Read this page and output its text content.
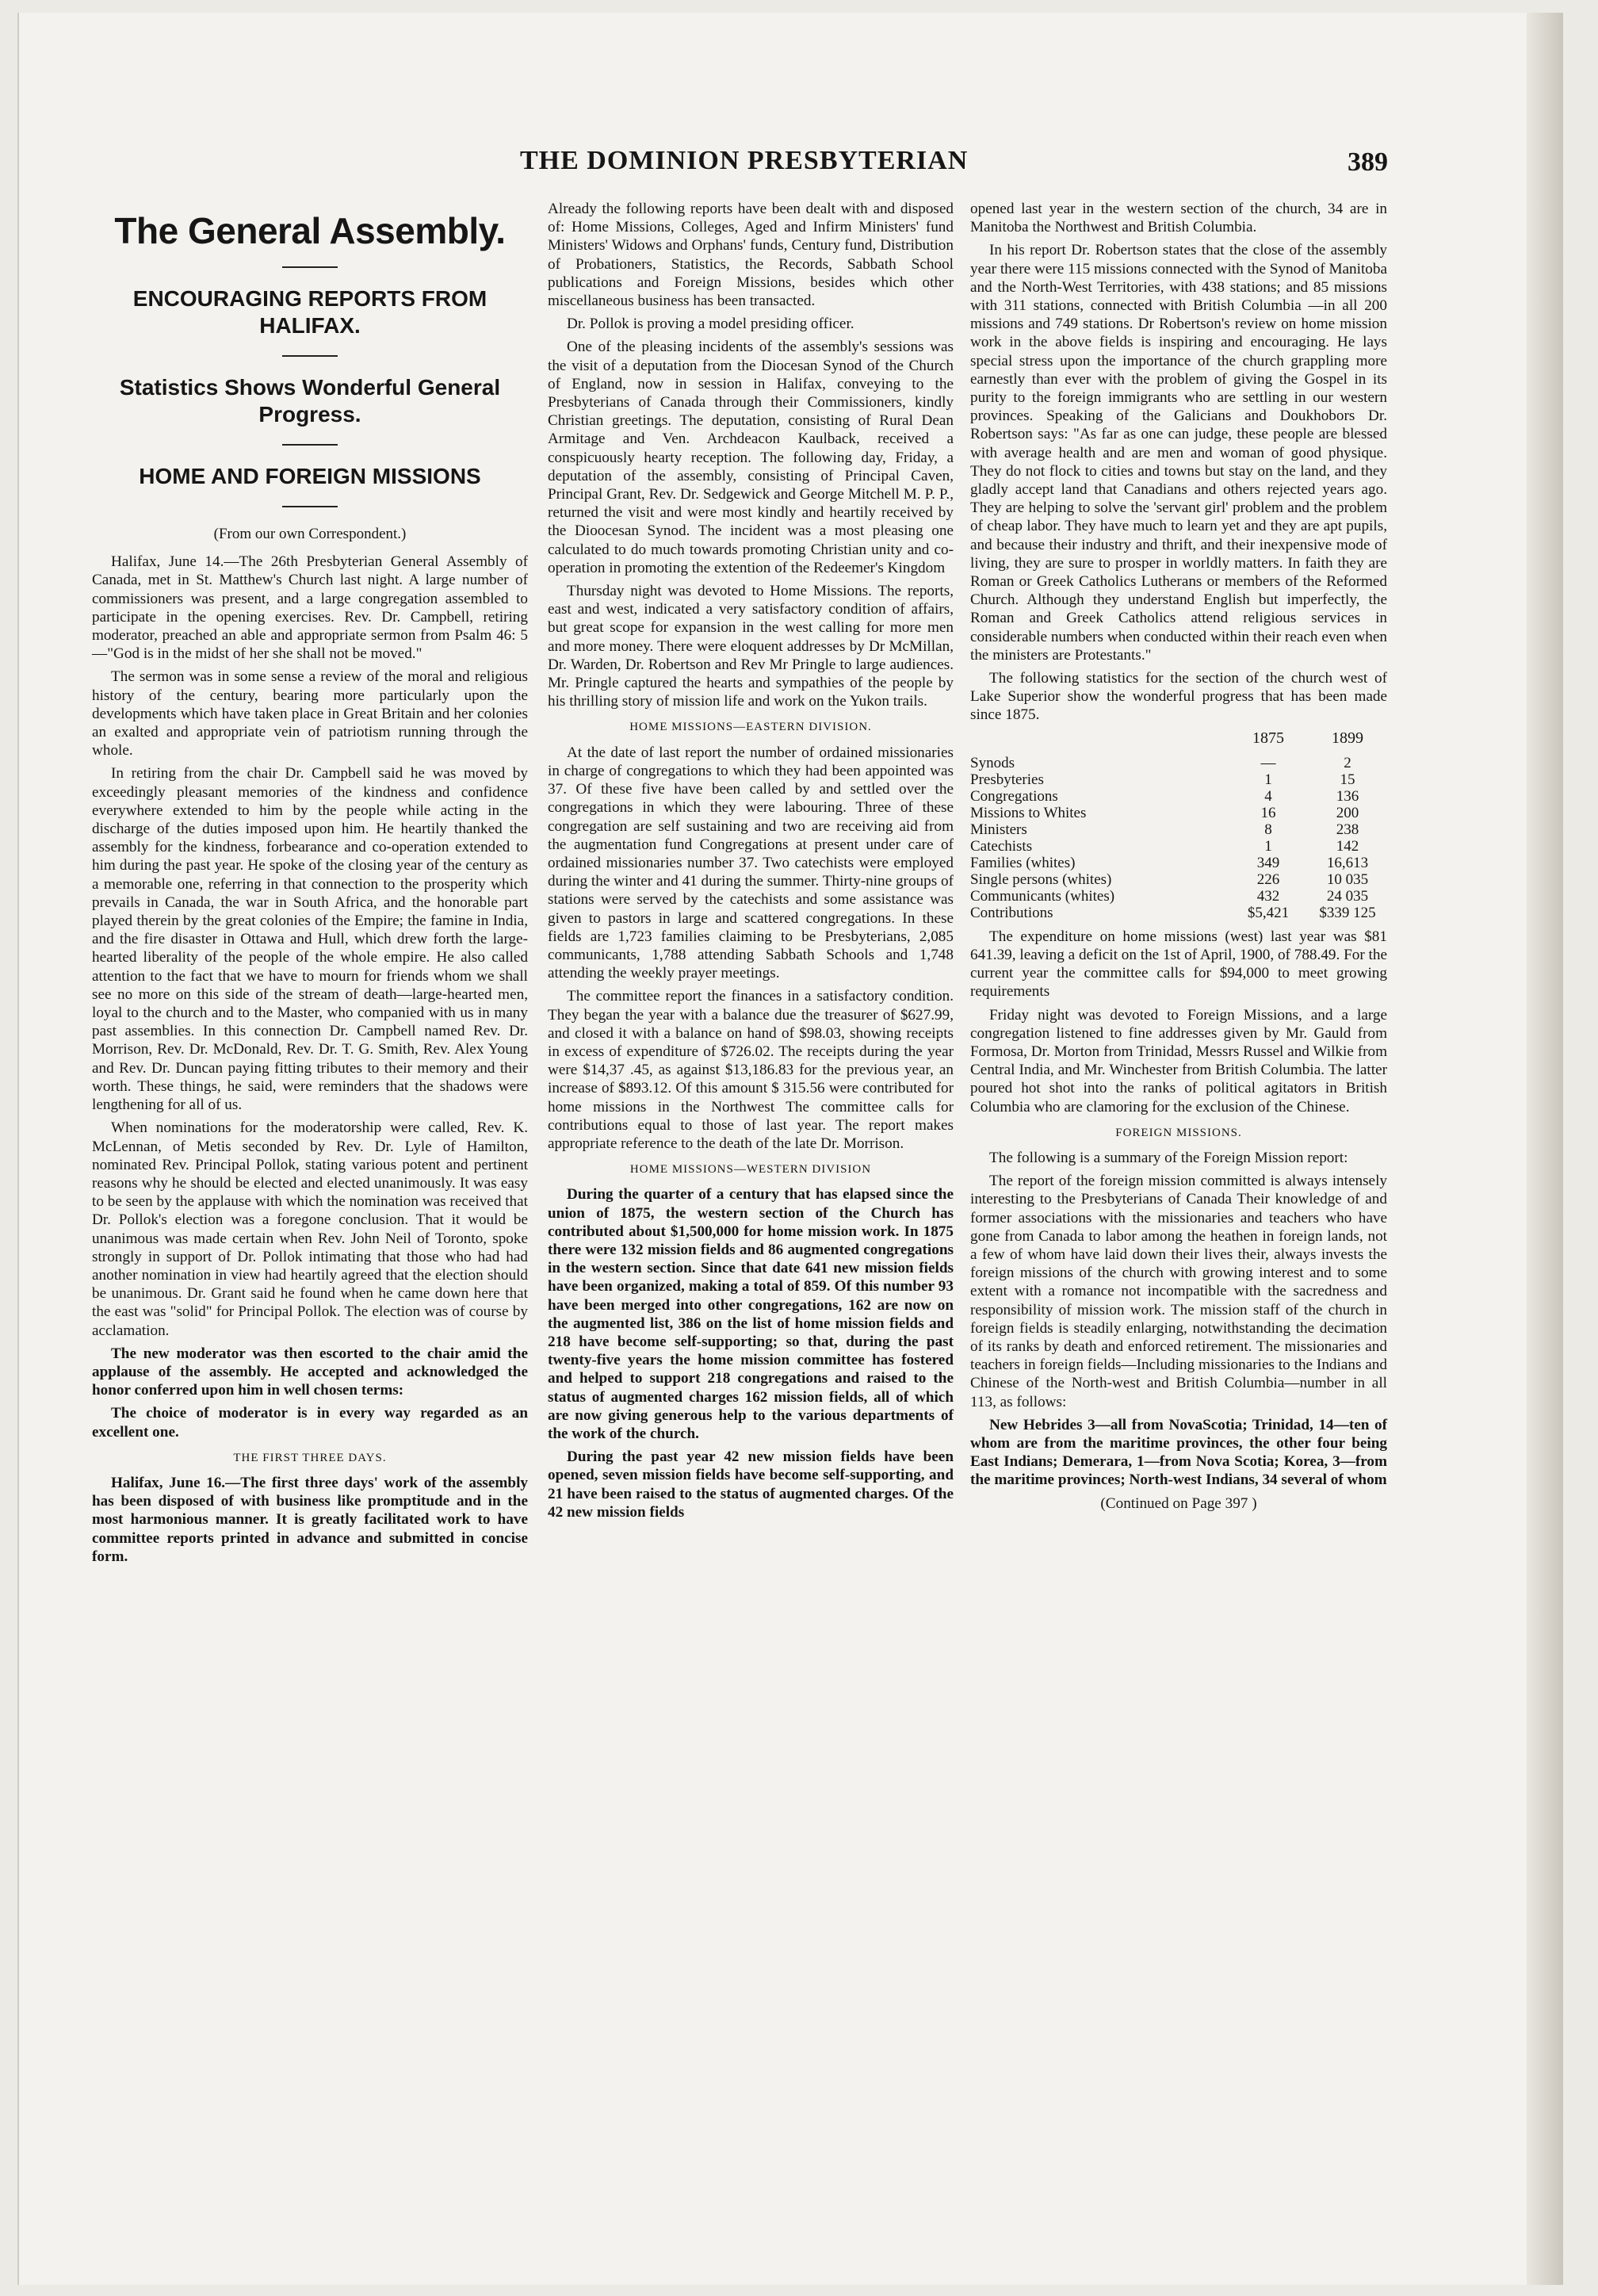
THE DOMINION PRESBYTERIAN	389
The General Assembly.
ENCOURAGING REPORTS FROM HALIFAX.
Statistics Shows Wonderful General Progress.
HOME AND FOREIGN MISSIONS
(From our own Correspondent.)

Halifax, June 14.—The 26th Presbyterian General Assembly of Canada, met in St. Matthew's Church last night. A large number of commissioners was present, and a large congregation assembled to participate in the opening exercises. Rev. Dr. Campbell, retiring moderator, preached an able and appropriate sermon from Psalm 46: 5—"God is in the midst of her she shall not be moved."

The sermon was in some sense a review of the moral and religious history of the century, bearing more particularly upon the developments which have taken place in Great Britain and her colonies an exalted and appropriate vein of patriotism running through the whole.

In retiring from the chair Dr. Campbell said he was moved by exceedingly pleasant memories of the kindness and confidence everywhere extended to him by the people while acting in the discharge of the duties imposed upon him. He heartily thanked the assembly for the kindness, forbearance and co-operation extended to him during the past year. He spoke of the closing year of the century as a memorable one, referring in that connection to the prosperity which prevails in Canada, the war in South Africa, and the honorable part played therein by the great colonies of the Empire; the famine in India, and the fire disaster in Ottawa and Hull, which drew forth the large-hearted liberality of the people of the whole empire. He also called attention to the fact that we have to mourn for friends whom we shall see no more on this side of the stream of death—large-hearted men, loyal to the church and to the Master, who companied with us in many past assemblies. In this connection Dr. Campbell named Rev. Dr. Morrison, Rev. Dr. McDonald, Rev. Dr. T. G. Smith, Rev. Alex Young and Rev. Dr. Duncan paying fitting tributes to their memory and their worth. These things, he said, were reminders that the shadows were lengthening for all of us.

When nominations for the moderatorship were called, Rev. K. McLennan, of Metis seconded by Rev. Dr. Lyle of Hamilton, nominated Rev. Principal Pollok, stating various potent and pertinent reasons why he should be elected and elected unanimously. It was easy to be seen by the applause with which the nomination was received that Dr. Pollok's election was a foregone conclusion. That it would be unanimous was made certain when Rev. John Neil of Toronto, spoke strongly in support of Dr. Pollok intimating that those who had had another nomination in view had heartily agreed that the election should be unanimous. Dr. Grant said he found when he came down here that the east was "solid" for Principal Pollok. The election was of course by acclamation.

The new moderator was then escorted to the chair amid the applause of the assembly. He accepted and acknowledged the honor conferred upon him in well chosen terms:

The choice of moderator is in every way regarded as an excellent one.

THE FIRST THREE DAYS.

Halifax, June 16.—The first three days' work of the assembly has been disposed of with business like promptitude and in the most harmonious manner. It is greatly facilitated work to have committee reports printed in advance and submitted in concise form.

Already the following reports have been dealt with and disposed of: Home Missions, Colleges, Aged and Infirm Ministers' fund Ministers' Widows and Orphans' funds, Century fund, Distribution of Probationers, Statistics, the Records, Sabbath School publications and Foreign Missions, besides which other miscellaneous business has been transacted.

Dr. Pollok is proving a model presiding officer.

One of the pleasing incidents of the assembly's sessions was the visit of a deputation from the Diocesan Synod of the Church of England, now in session in Halifax, conveying to the Presbyterians of Canada through their Commissioners, kindly Christian greetings. The deputation, consisting of Rural Dean Armitage and Ven. Archdeacon Kaulback, received a conspicuously hearty reception. The following day, Friday, a deputation of the assembly, consisting of Principal Caven, Principal Grant, Rev. Dr. Sedgewick and George Mitchell M. P. P., returned the visit and were most kindly and heartily received by the Dioocesan Synod. The incident was a most pleasing one calculated to do much towards promoting Christian unity and co-operation in promoting the extention of the Redeemer's Kingdom

Thursday night was devoted to Home Missions. The reports, east and west, indicated a very satisfactory condition of affairs, but great scope for expansion in the west calling for more men and more money. There were eloquent addresses by Dr McMillan, Dr. Warden, Dr. Robertson and Rev Mr Pringle to large audiences. Mr. Pringle captured the hearts and sympathies of the people by his thrilling story of mission life and work on the Yukon trails.

HOME MISSIONS—EASTERN DIVISION.

At the date of last report the number of ordained missionaries in charge of congregations to which they had been appointed was 37. Of these five have been called by and settled over the congregations in which they were labouring. Three of these congregation are self sustaining and two are receiving aid from the augmentation fund Congregations at present under care of ordained missionaries number 37. Two catechists were employed during the winter and 41 during the summer. Thirty-nine groups of stations were served by the catechists and some assistance was given to pastors in large and scattered congregations. In these fields are 1,723 families claiming to be Presbyterians, 2,085 communicants, 1,788 attending Sabbath Schools and 1,748 attending the weekly prayer meetings.

The committee report the finances in a satisfactory condition. They began the year with a balance due the treasurer of $627.99, and closed it with a balance on hand of $98.03, showing receipts in excess of expenditure of $726.02. The receipts during the year were $14,37 .45, as against $13,186.83 for the previous year, an increase of $893.12. Of this amount $ 315.56 were contributed for home missions in the Northwest The committee calls for contributions equal to those of last year. The report makes appropriate reference to the death of the late Dr. Morrison.

HOME MISSIONS—WESTERN DIVISION

During the quarter of a century that has elapsed since the union of 1875, the western section of the Church has contributed about $1,500,000 for home mission work. In 1875 there were 132 mission fields and 86 augmented congregations in the western section. Since that date 641 new mission fields have been organized, making a total of 859. Of this number 93 have been merged into other congregations, 162 are now on the augmented list, 386 on the list of home mission fields and 218 have become self-supporting; so that, during the past twenty-five years the home mission committee has fostered and helped to support 218 congregations and raised to the status of augmented charges 162 mission fields, all of which are now giving generous help to the various departments of the work of the church.

During the past year 42 new mission fields have been opened, seven mission fields have become self-supporting, and 21 have been raised to the status of augmented charges. Of the 42 new mission fields

opened last year in the western section of the church, 34 are in Manitoba the Northwest and British Columbia.

In his report Dr. Robertson states that the close of the assembly year there were 115 missions connected with the Synod of Manitoba and the North-West Territories, with 438 stations; and 85 missions with 311 stations, connected with British Columbia —in all 200 missions and 749 stations. Dr Robertson's review on home mission work in the above fields is inspiring and encouraging. He lays special stress upon the importance of the church grappling more earnestly than ever with the problem of giving the Gospel in its purity to the foreign immigrants who are settling in our western provinces. Speaking of the Galicians and Doukhobors Dr. Robertson says: "As far as one can judge, these people are blessed with average health and are men and woman of good physique. They do not flock to cities and towns but stay on the land, and they gladly accept land that Canadians and others rejected years ago. They are helping to solve the 'servant girl' problem and the problem of cheap labor. They have much to learn yet and they are apt pupils, and because their industry and thrift, and their inexpensive mode of living, they are sure to prosper in worldly matters. In faith they are Roman or Greek Catholics Lutherans or members of the Reformed Church. Although they understand English but imperfectly, the Roman and Greek Catholics attend religious services in considerable numbers when conducted within their reach even when the ministers are Protestants."

The following statistics for the section of the church west of Lake Superior show the wonderful progress that has been made since 1875.

	1875	1899
Synods	—	2
Presbyteries	1	15
Congregations	4	136
Missions to Whites	16	200
Ministers	8	238
Catechists	1	142
Families (whites)	349	16,613
Single persons (whites)	226	10 035
Communicants (whites)	432	24 035
Contributions	$5,421	$339 125

The expenditure on home missions (west) last year was $81 641.39, leaving a deficit on the 1st of April, 1900, of 788.49. For the current year the committee calls for $94,000 to meet growing requirements

Friday night was devoted to Foreign Missions, and a large congregation listened to fine addresses given by Mr. Gauld from Formosa, Dr. Morton from Trinidad, Messrs Russel and Wilkie from Central India, and Mr. Winchester from British Columbia. The latter poured hot shot into the ranks of political agitators in British Columbia who are clamoring for the exclusion of the Chinese.

FOREIGN MISSIONS.

The following is a summary of the Foreign Mission report:

The report of the foreign mission committed is always intensely interesting to the Presbyterians of Canada Their knowledge of and former associations with the missionaries and teachers who have gone from Canada to labor among the heathen in foreign lands, not a few of whom have laid down their lives their, always invests the foreign missions of the church with growing interest and to some extent with a romance not incompatible with the sacredness and responsibility of mission work. The mission staff of the church in foreign fields is steadily enlarging, notwithstanding the decimation of its ranks by death and enforced retirement. The missionaries and teachers in foreign fields—Including missionaries to the Indians and Chinese of the North-west and British Columbia—number in all 113, as follows:

New Hebrides 3—all from NovaScotia; Trinidad, 14—ten of whom are from the maritime provinces, the other four being East Indians; Demerara, 1—from Nova Scotia; Korea, 3—from the maritime provinces; North-west Indians, 34 several of whom

(Continued on Page 397 )
